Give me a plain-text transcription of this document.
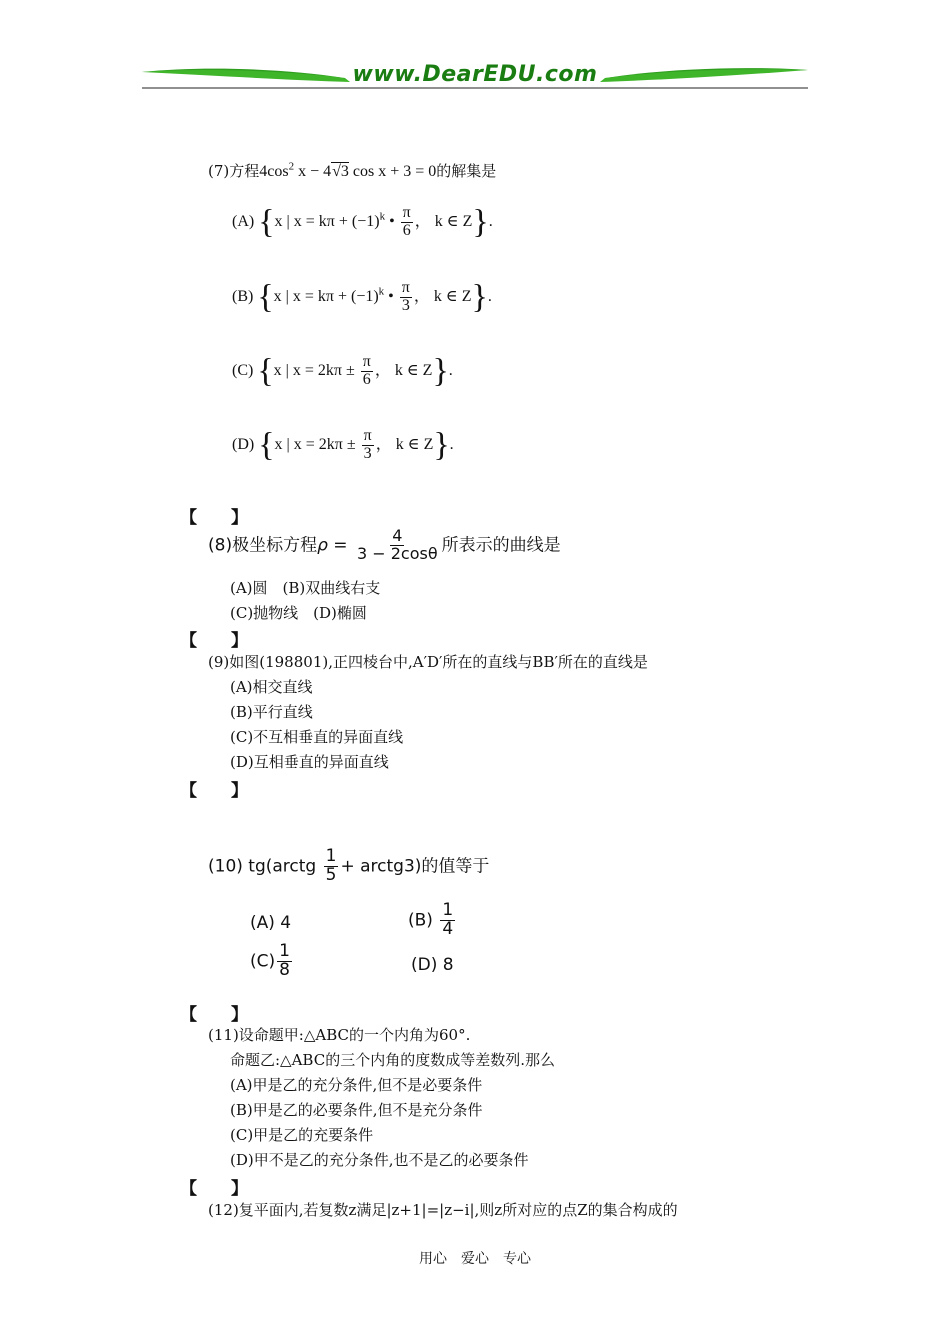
www.DearEDU.com
(7)方程$4\cos^2$ x − 4√3 cos x + 3 = 0的解集是
(A) {x | $x = k\pi + (-1)^k$ • $\frac{\pi}{6}$ ， k ∈ Z}.
(B) {x | $x = k\pi + (-1)^k$ • $\frac{\pi}{3}$ ， k ∈ Z}.
(C) {x | $x = 2k\pi \pm \frac{\pi}{6}$ ， k ∈ Z}.
(D) {x | $x = 2k\pi \pm \frac{\pi}{3}$ ， k ∈ Z}.
【　　】
(8)极坐标方程$\rho = \frac{4}{3 - 2\cos\theta}$ 所表示的曲线是
(A)圆　(B)双曲线右支
(C)抛物线　(D)椭圆
【　　】
(9)如图(198801),正四棱台中,A′D′所在的直线与BB′所在的直线是
(A)相交直线
(B)平行直线
(C)不互相垂直的异面直线
(D)互相垂直的异面直线
【　　】
(10) tg(arctg $\frac{1}{5}$ + arctg3)的值等于
(A) 4	$(B) \frac{1}{4}$
$(C) \frac{1}{8}$	(D) 8
【　　】
(11)设命题甲:△ABC的一个内角为60°.
命题乙:△ABC的三个内角的度数成等差数列.那么
(A)甲是乙的充分条件,但不是必要条件
(B)甲是乙的必要条件,但不是充分条件
(C)甲是乙的充要条件
(D)甲不是乙的充分条件,也不是乙的必要条件
【　　】
(12)复平面内,若复数z满足|z+1|=|z−i|,则z所对应的点Z的集合构成的
用心　爱心　专心
